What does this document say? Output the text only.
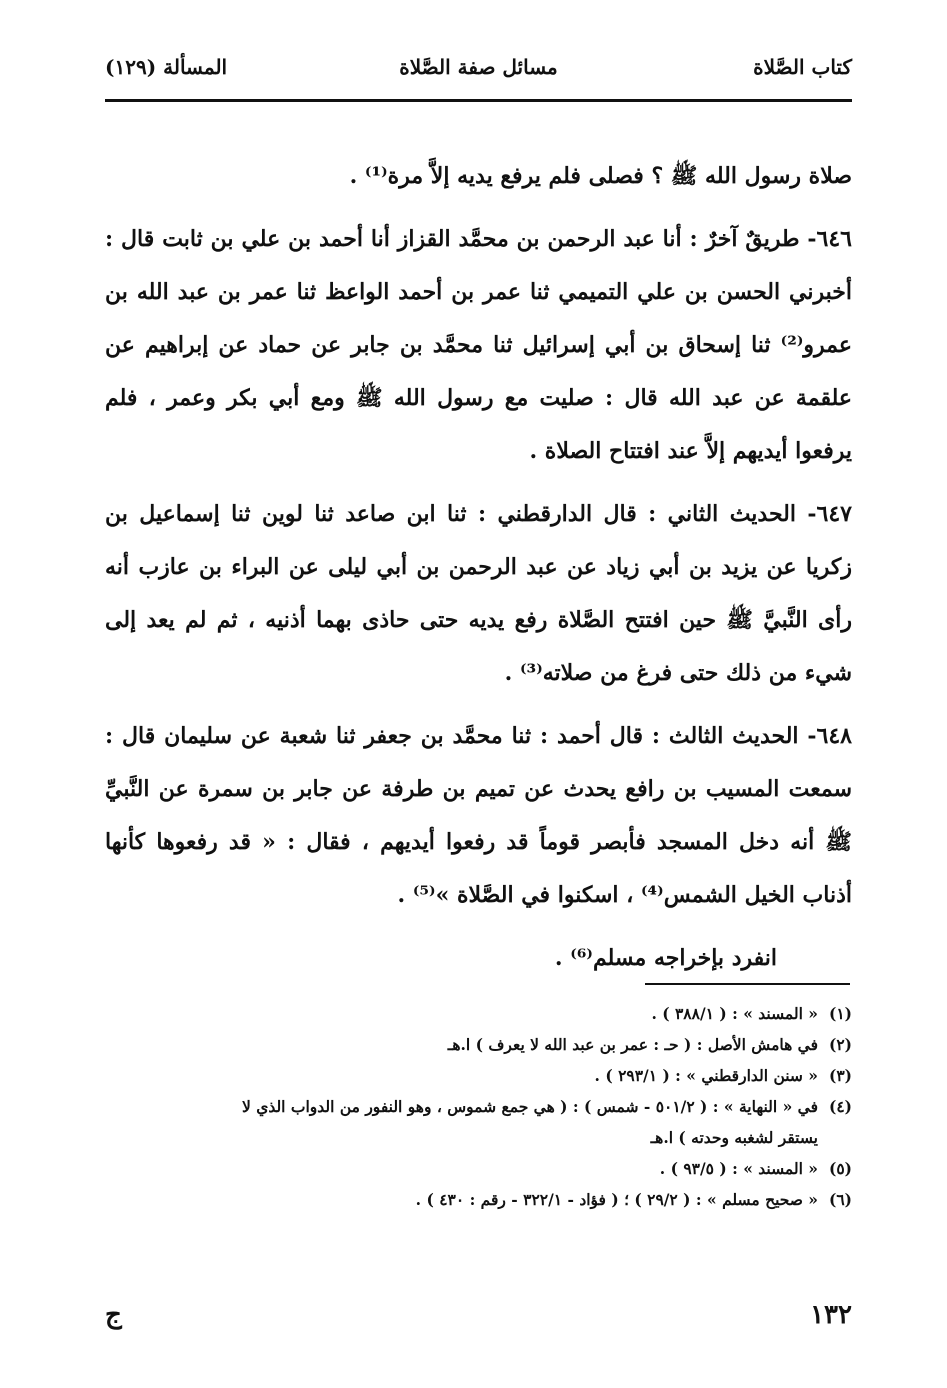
كتاب الصَّلاة
مسائل صفة الصَّلاة
المسألة (١٢٩)

صلاة رسول الله ﷺ ؟ فصلى فلم يرفع يديه إلاَّ مرة⁽¹⁾ .

٦٤٦- طريقٌ آخرٌ : أنا عبد الرحمن بن محمَّد القزاز أنا أحمد بن علي بن ثابت قال : أخبرني الحسن بن علي التميمي ثنا عمر بن أحمد الواعظ ثنا عمر بن عبد الله بن عمرو⁽²⁾ ثنا إسحاق بن أبي إسرائيل ثنا محمَّد بن جابر عن حماد عن إبراهيم عن علقمة عن عبد الله قال : صليت مع رسول الله ﷺ ومع أبي بكر وعمر ، فلم يرفعوا أيديهم إلاَّ عند افتتاح الصلاة .

٦٤٧- الحديث الثاني : قال الدارقطني : ثنا ابن صاعد ثنا لوين ثنا إسماعيل بن زكريا عن يزيد بن أبي زياد عن عبد الرحمن بن أبي ليلى عن البراء بن عازب أنه رأى النَّبيَّ ﷺ حين افتتح الصَّلاة رفع يديه حتى حاذى بهما أذنيه ، ثم لم يعد إلى شيء من ذلك حتى فرغ من صلاته⁽³⁾ .

٦٤٨- الحديث الثالث : قال أحمد : ثنا محمَّد بن جعفر ثنا شعبة عن سليمان قال : سمعت المسيب بن رافع يحدث عن تميم بن طرفة عن جابر بن سمرة عن النَّبيِّ ﷺ أنه دخل المسجد فأبصر قوماً قد رفعوا أيديهم ، فقال : « قد رفعوها كأنها أذناب الخيل الشمس⁽⁴⁾ ، اسكنوا في الصَّلاة »⁽⁵⁾ .

انفرد بإخراجه مسلم⁽⁶⁾ .

(١)« المسند » : ( ٣٨٨/١ ) .

(٢)في هامش الأصل : ( حـ : عمر بن عبد الله لا يعرف ) ا.هـ

(٣)« سنن الدارقطني » : ( ٢٩٣/١ ) .

(٤)في « النهاية » : ( ٥٠١/٢ - شمس ) : ( هي جمع شموس ، وهو النفور من الدواب الذي لا

يستقر لشغبه وحدته ) ا.هـ

(٥)« المسند » : ( ٩٣/٥ ) .

(٦)« صحيح مسلم » : ( ٢٩/٢ ) ؛ ( فؤاد - ٣٢٢/١ - رقم : ٤٣٠ ) .

١٣٢
ج
